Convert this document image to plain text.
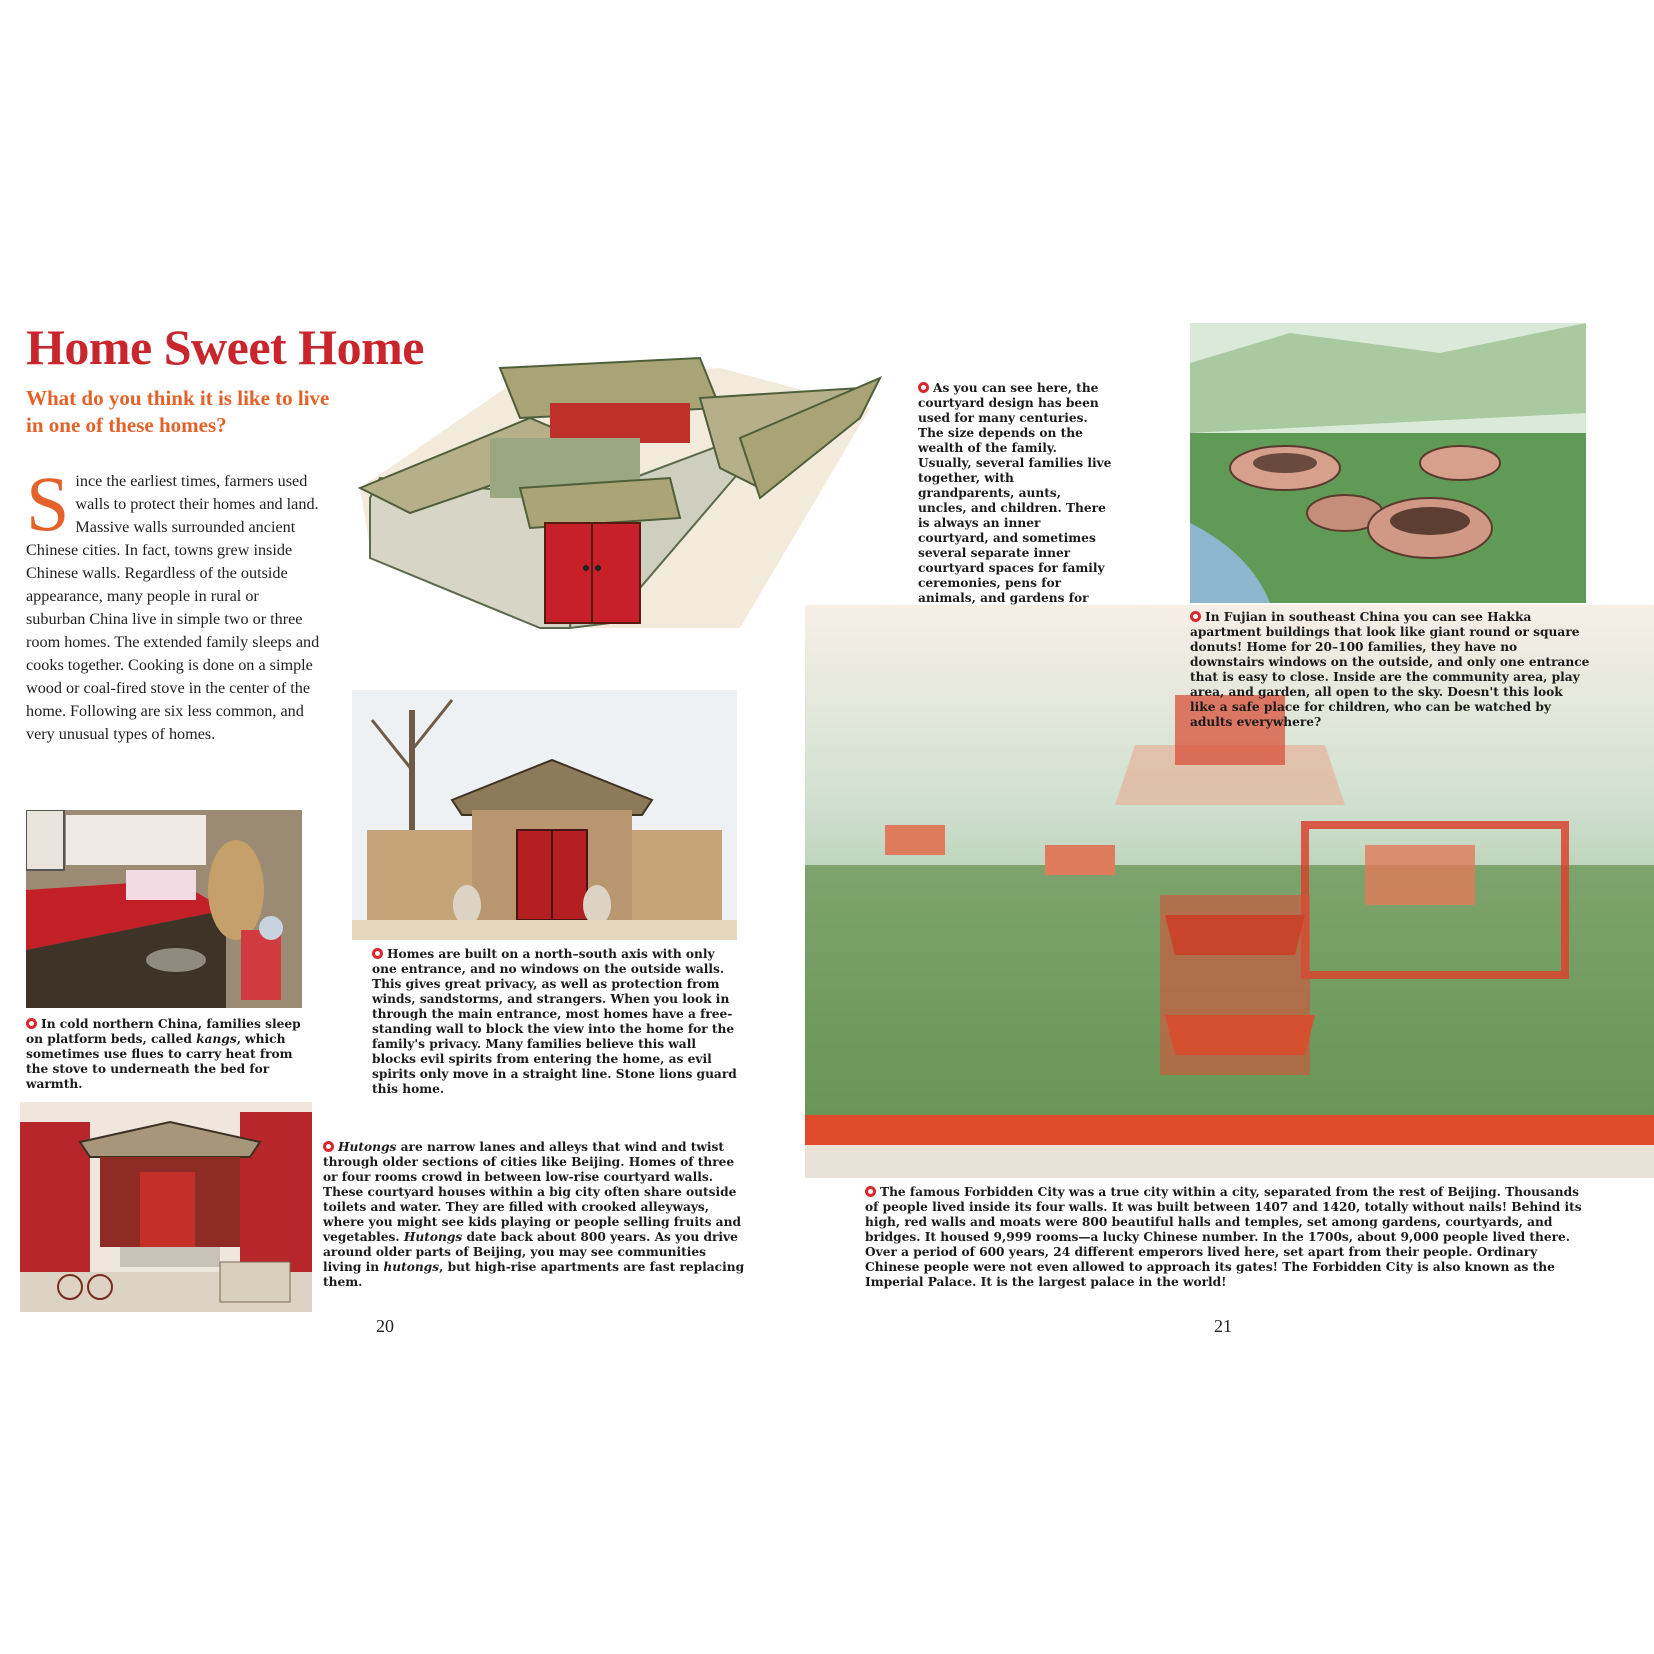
Home Sweet Home
What do you think it is like to live in one of these homes?
Since the earliest times, farmers used walls to protect their homes and land. Massive walls surrounded ancient Chinese cities. In fact, towns grew inside Chinese walls. Regardless of the outside appearance, many people in rural or suburban China live in simple two or three room homes. The extended family sleeps and cooks together. Cooking is done on a simple wood or coal-fired stove in the center of the home. Following are six less common, and very unusual types of homes.
In cold northern China, families sleep on platform beds, called kangs, which sometimes use flues to carry heat from the stove to underneath the bed for warmth.
Homes are built on a north–south axis with only one entrance, and no windows on the outside walls. This gives great privacy, as well as protection from winds, sandstorms, and strangers. When you look in through the main entrance, most homes have a free-standing wall to block the view into the home for the family's privacy. Many families believe this wall blocks evil spirits from entering the home, as evil spirits only move in a straight line. Stone lions guard this home.
Hutongs are narrow lanes and alleys that wind and twist through older sections of cities like Beijing. Homes of three or four rooms crowd in between low-rise courtyard walls. These courtyard houses within a big city often share outside toilets and water. They are filled with crooked alleyways, where you might see kids playing or people selling fruits and vegetables. Hutongs date back about 800 years. As you drive around older parts of Beijing, you may see communities living in hutongs, but high-rise apartments are fast replacing them.
20
As you can see here, the courtyard design has been used for many centuries. The size depends on the wealth of the family. Usually, several families live together, with grandparents, aunts, uncles, and children. There is always an inner courtyard, and sometimes several separate inner courtyard spaces for family ceremonies, pens for animals, and gardens for
In Fujian in southeast China you can see Hakka apartment buildings that look like giant round or square donuts! Home for 20–100 families, they have no downstairs windows on the outside, and only one entrance that is easy to close. Inside are the community area, play area, and garden, all open to the sky. Doesn't this look like a safe place for children, who can be watched by adults everywhere?
The famous Forbidden City was a true city within a city, separated from the rest of Beijing. Thousands of people lived inside its four walls. It was built between 1407 and 1420, totally without nails! Behind its high, red walls and moats were 800 beautiful halls and temples, set among gardens, courtyards, and bridges. It housed 9,999 rooms—a lucky Chinese number. In the 1700s, about 9,000 people lived there. Over a period of 600 years, 24 different emperors lived here, set apart from their people. Ordinary Chinese people were not even allowed to approach its gates! The Forbidden City is also known as the Imperial Palace. It is the largest palace in the world!
21
